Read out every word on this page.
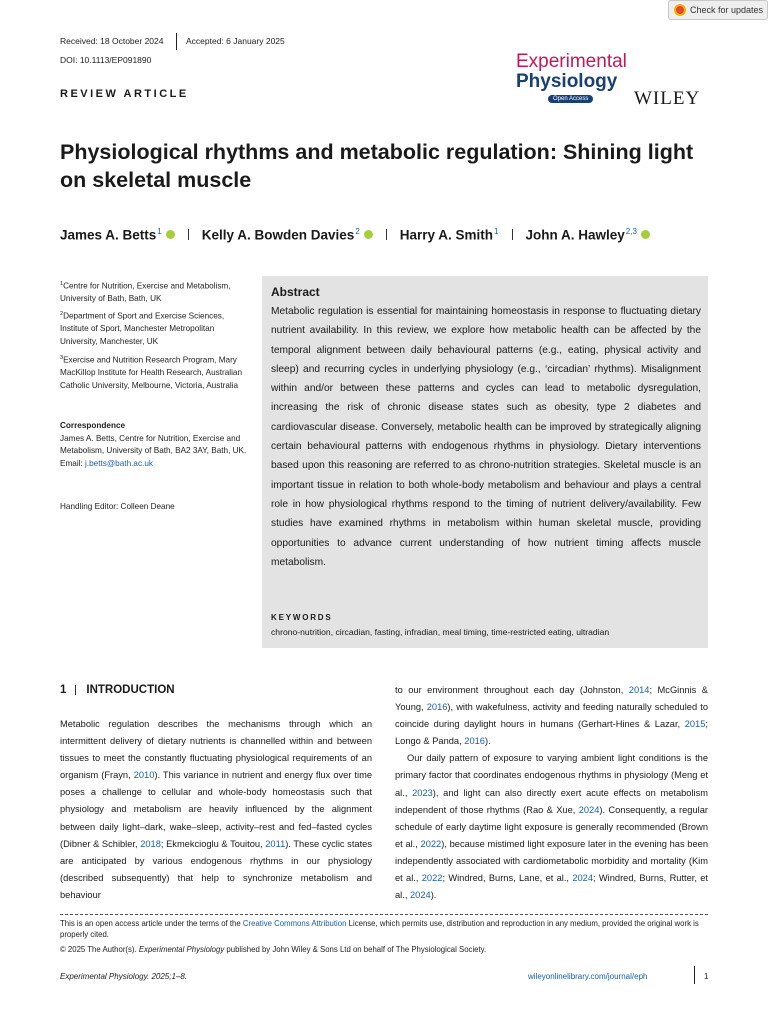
Check for updates
Received: 18 October 2024	Accepted: 6 January 2025
DOI: 10.1113/EP091890	Experimental
Physiology
Open Access WILEY
REVIEW ARTICLE
Physiological rhythms and metabolic regulation: Shining light on skeletal muscle
James A. Betts$^1$	Kelly A. Bowden Davies$^2$	Harry A. Smith$^1$ John A. Hawley$^{2,3}$
$^1$Centre for Nutrition, Exercise and Metabolism, University of Bath, Bath, UK
$^2$Department of Sport and Exercise Sciences, Institute of Sport, Manchester Metropolitan University, Manchester, UK
$^3$Exercise and Nutrition Research Program, Mary MacKillop Institute for Health Research, Australian Catholic University, Melbourne, Victoria, Australia
Correspondence
James A. Betts, Centre for Nutrition, Exercise and Metabolism, University of Bath, BA2 3AY, Bath, UK.
Email: j.betts@bath.ac.uk
Handling Editor: Colleen Deane
Abstract
Metabolic regulation is essential for maintaining homeostasis in response to fluctuating dietary nutrient availability. In this review, we explore how metabolic health can be affected by the temporal alignment between daily behavioural patterns (e.g., eating, physical activity and sleep) and recurring cycles in underlying physiology (e.g., ‘circadian’ rhythms). Misalignment within and/or between these patterns and cycles can lead to metabolic dysregulation, increasing the risk of chronic disease states such as obesity, type 2 diabetes and cardiovascular disease. Conversely, metabolic health can be improved by strategically aligning certain behavioural patterns with endogenous rhythms in physiology. Dietary interventions based upon this reasoning are referred to as chrono-nutrition strategies. Skeletal muscle is an important tissue in relation to both whole-body metabolism and behaviour and plays a central role in how physiological rhythms respond to the timing of nutrient delivery/availability. Few studies have examined rhythms in metabolism within human skeletal muscle, providing opportunities to advance current understanding of how nutrient timing affects muscle metabolism.
KEYWORDS
chrono-nutrition, circadian, fasting, infradian, meal timing, time-restricted eating, ultradian
1 INTRODUCTION
Metabolic regulation describes the mechanisms through which an intermittent delivery of dietary nutrients is channelled within and between tissues to meet the constantly fluctuating physiological requirements of an organism (Frayn, 2010). This variance in nutrient and energy flux over time poses a challenge to cellular and whole-body homeostasis such that physiology and metabolism are heavily influenced by the alignment between daily light–dark, wake–sleep, activity–rest and fed–fasted cycles (Dibner & Schibler, 2018; Ekmekcioglu & Touitou, 2011). These cyclic states are anticipated by various endogenous rhythms in our physiology (described subsequently) that help to synchronize metabolism and behaviour
to our environment throughout each day (Johnston, 2014; McGinnis & Young, 2016), with wakefulness, activity and feeding naturally scheduled to coincide during daylight hours in humans (Gerhart-Hines & Lazar, 2015; Longo & Panda, 2016).
Our daily pattern of exposure to varying ambient light conditions is the primary factor that coordinates endogenous rhythms in physiology (Meng et al., 2023), and light can also directly exert acute effects on metabolism independent of those rhythms (Rao & Xue, 2024). Consequently, a regular schedule of early daytime light exposure is generally recommended (Brown et al., 2022), because mistimed light exposure later in the evening has been independently associated with cardiometabolic morbidity and mortality (Kim et al., 2022; Windred, Burns, Lane, et al., 2024; Windred, Burns, Rutter, et al., 2024).
This is an open access article under the terms of the Creative Commons Attribution License, which permits use, distribution and reproduction in any medium, provided the original work is properly cited.
© 2025 The Author(s). Experimental Physiology published by John Wiley & Sons Ltd on behalf of The Physiological Society.
Experimental Physiology. 2025;1–8.	wileyonlinelibrary.com/journal/eph	1
